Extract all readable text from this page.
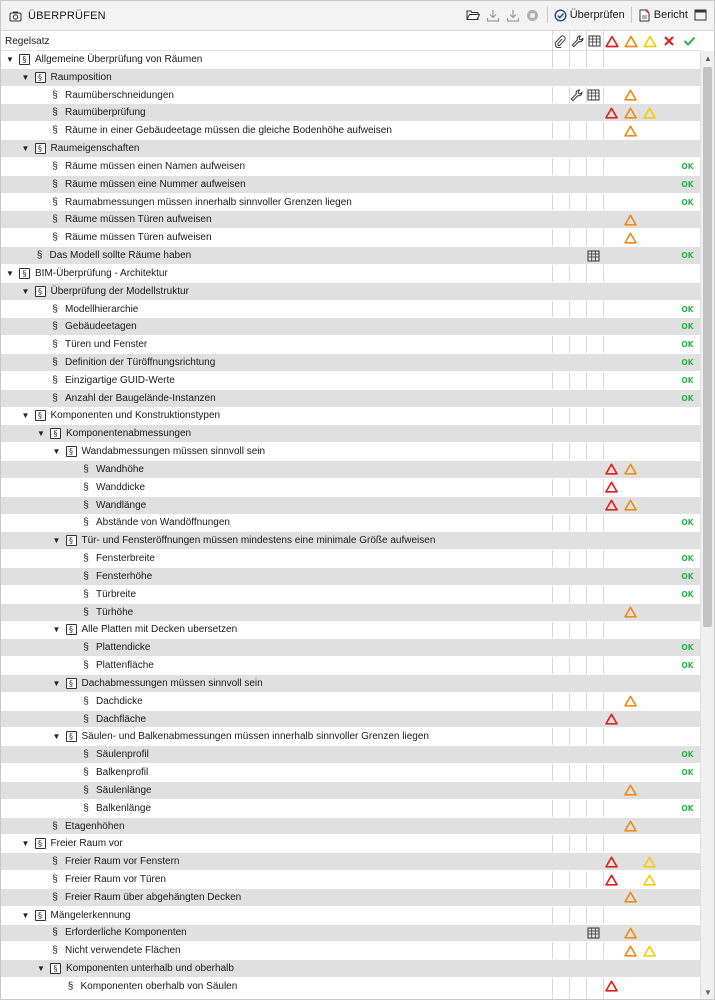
ÜBERPRÜFEN	Überprüfen	Bericht
Regelsatz
▼	§ Allgemeine Überprüfung von Räumen
▼	§ Raumposition
§ Raumüberschneidungen
§ Raumüberprüfung
§ Räume in einer Gebäudeetage müssen die gleiche Bodenhöhe aufweisen
▼	§ Raumeigenschaften
§ Räume müssen einen Namen aufweisen	OK
§ Räume müssen eine Nummer aufweisen	OK
§ Raumabmessungen müssen innerhalb sinnvoller Grenzen liegen	OK
§ Räume müssen Türen aufweisen
§ Räume müssen Türen aufweisen
§ Das Modell sollte Räume haben	OK
▼	§ BIM-Überprüfung - Architektur
▼	§ Überprüfung der Modellstruktur
§ Modellhierarchie	OK
§ Gebäudeetagen	OK
§ Türen und Fenster	OK
§ Definition der Türöffnungsrichtung	OK
§ Einzigartige GUID-Werte	OK
§ Anzahl der Baugelände-Instanzen	OK
▼	§ Komponenten und Konstruktionstypen
▼	§ Komponentenabmessungen
▼	§ Wandabmessungen müssen sinnvoll sein
§ Wandhöhe
§ Wanddicke
§ Wandlänge
§ Abstände von Wandöffnungen	OK
▼	§ Tür- und Fensteröffnungen müssen mindestens eine minimale Größe aufweisen
§ Fensterbreite	OK
§ Fensterhöhe	OK
§ Türbreite	OK
§ Türhöhe
▼	§ Alle Platten mit Decken ubersetzen
§ Plattendicke	OK
§ Plattenfläche	OK
▼	§ Dachabmessungen müssen sinnvoll sein
§ Dachdicke
§ Dachfläche
▼	§ Säulen- und Balkenabmessungen müssen innerhalb sinnvoller Grenzen liegen
§ Säulenprofil	OK
§ Balkenprofil	OK
§ Säulenlänge
§ Balkenlänge	OK
§ Etagenhöhen
▼	§ Freier Raum vor
§ Freier Raum vor Fenstern
§ Freier Raum vor Türen
§ Freier Raum über abgehängten Decken
▼	§ Mängelerkennung
§ Erforderliche Komponenten
§ Nicht verwendete Flächen
▼	§ Komponenten unterhalb und oberhalb
§ Komponenten oberhalb von Säulen
▲
▼
